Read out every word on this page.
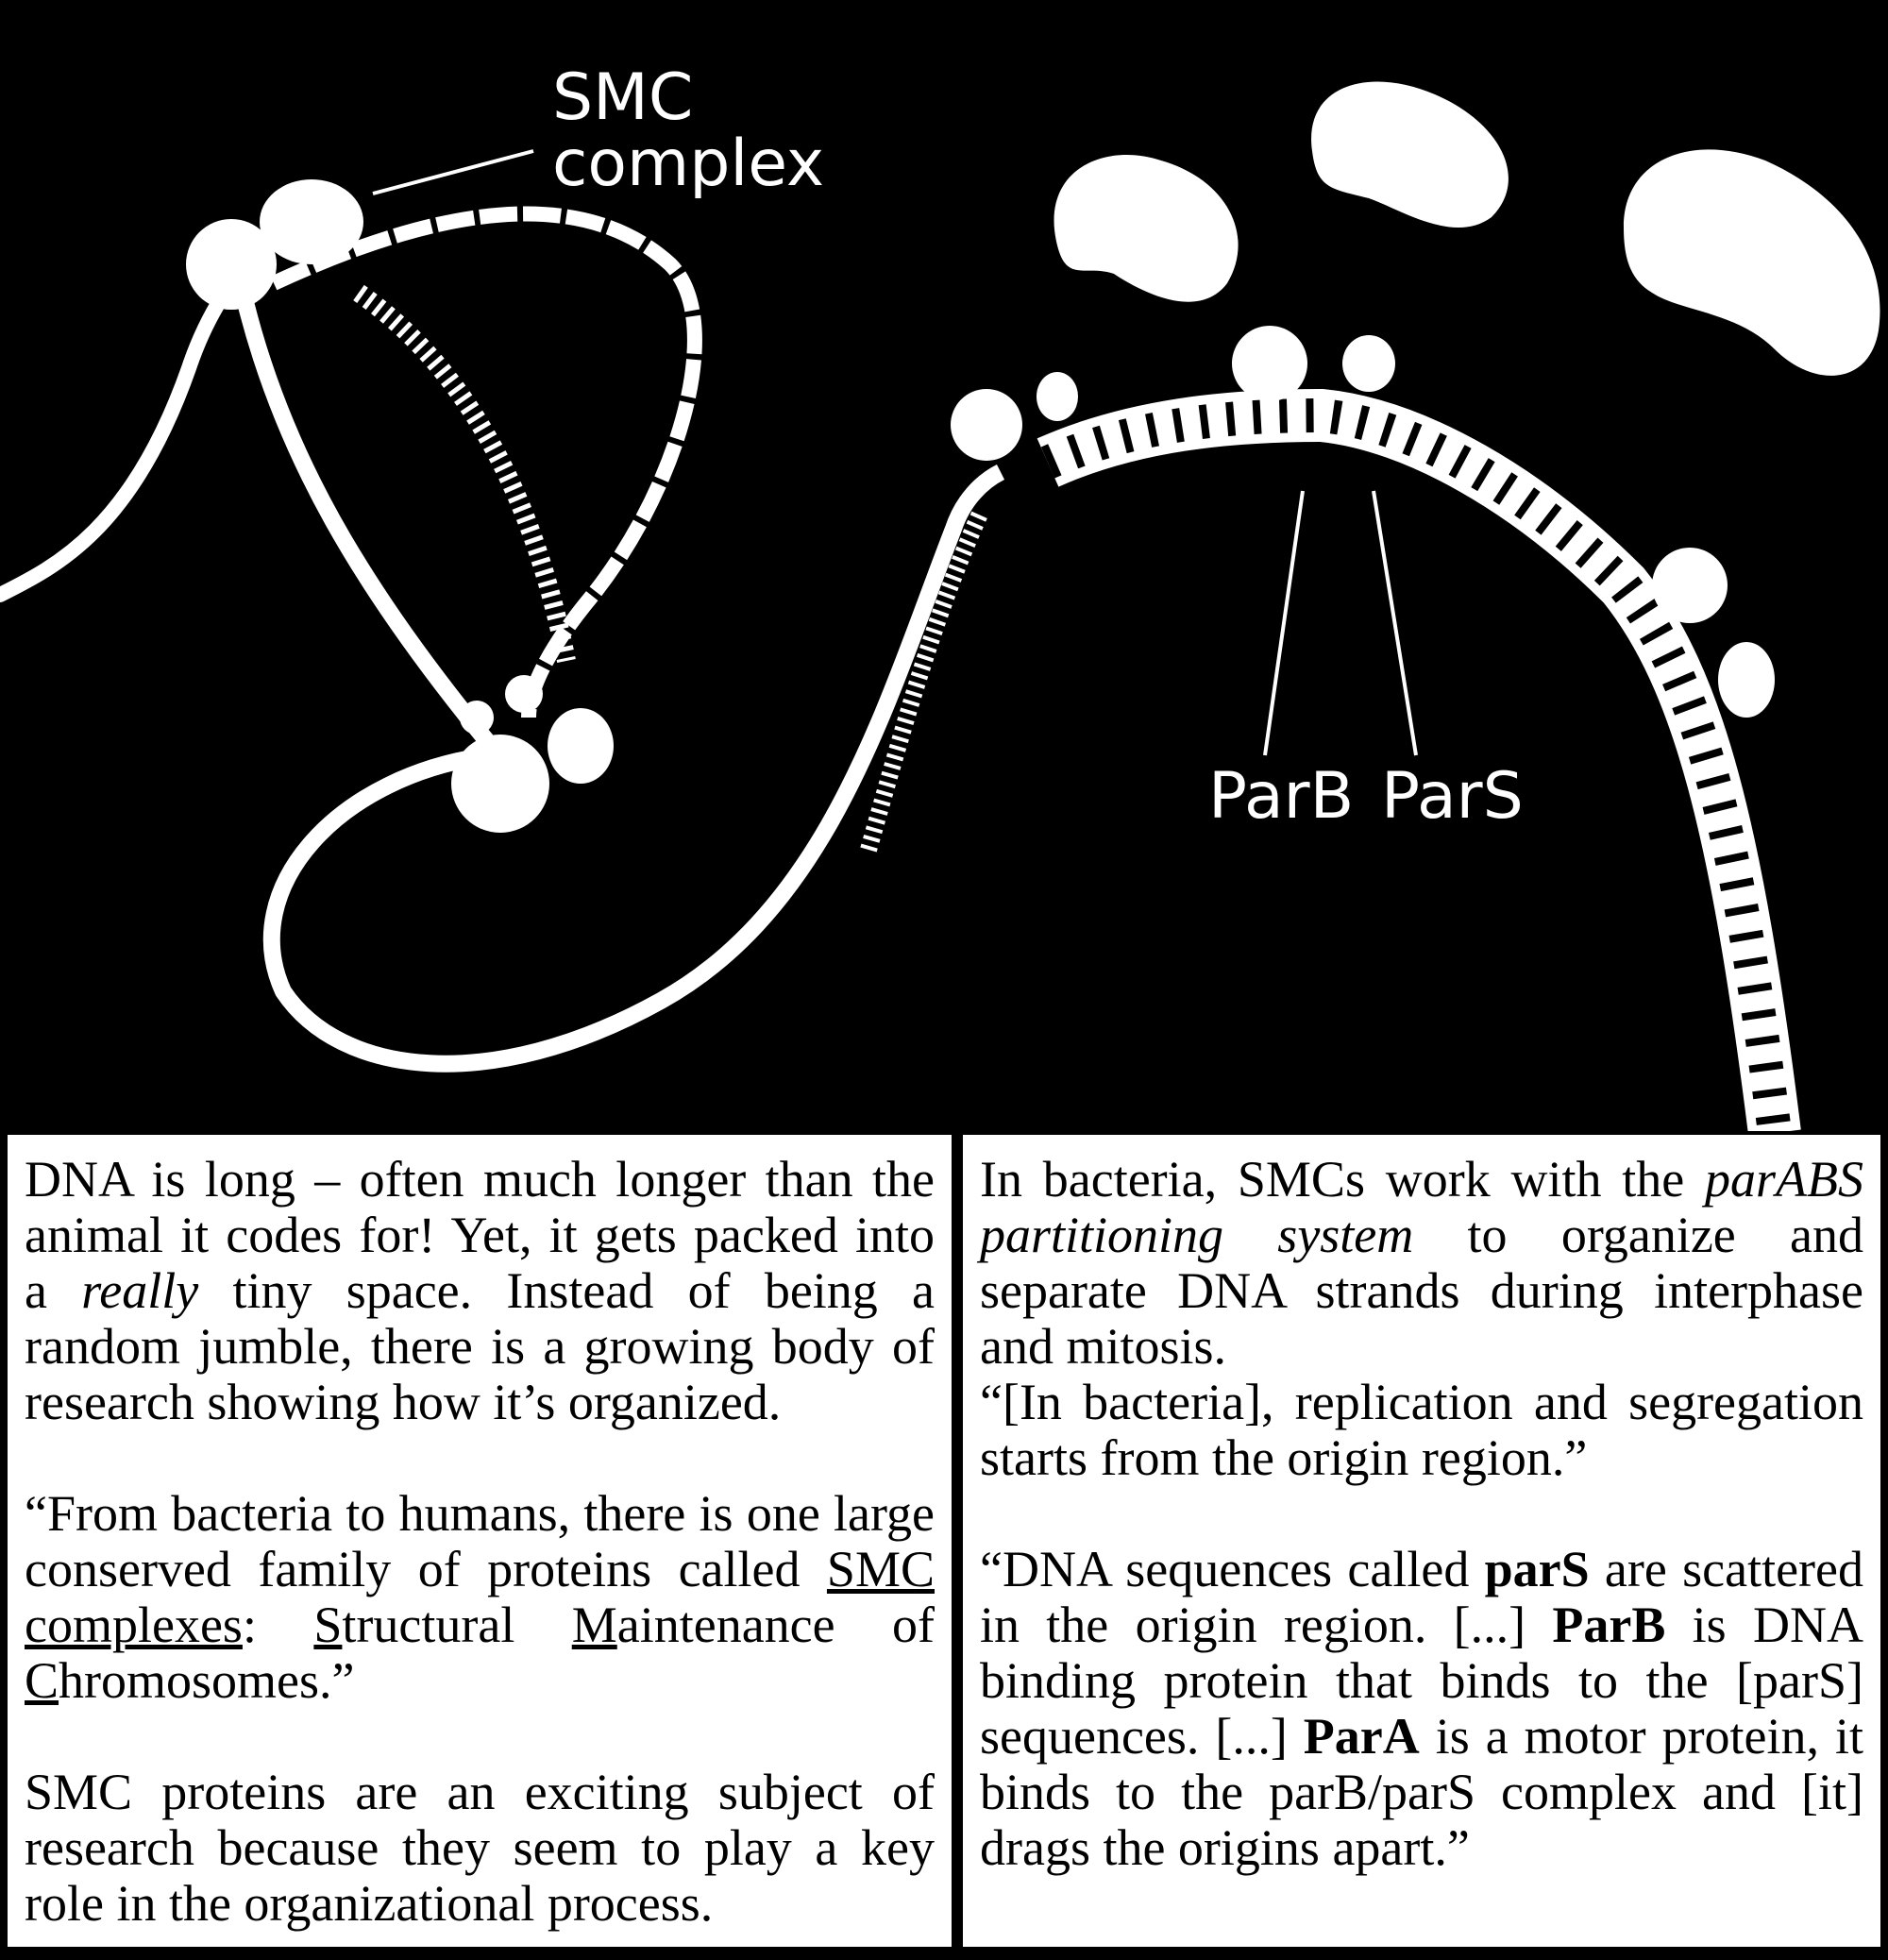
SMC
complex
ParB ParS

DNA is long – often much longer than the animal it codes for! Yet, it gets packed into a really tiny space. Instead of being a random jumble, there is a growing body of research showing how it’s organized.

“From bacteria to humans, there is one large conserved family of proteins called SMC complexes: Structural Maintenance of Chromosomes.”

SMC proteins are an exciting subject of research because they seem to play a key role in the organizational process.

In bacteria, SMCs work with the parABS partitioning system to organize and separate DNA strands during interphase and mitosis.

“[In bacteria], replication and segregation starts from the origin region.”

“DNA sequences called parS are scattered in the origin region. [...] ParB is DNA binding protein that binds to the [parS] sequences. [...] ParA is a motor protein, it binds to the parB/parS complex and [it] drags the origins apart.”
